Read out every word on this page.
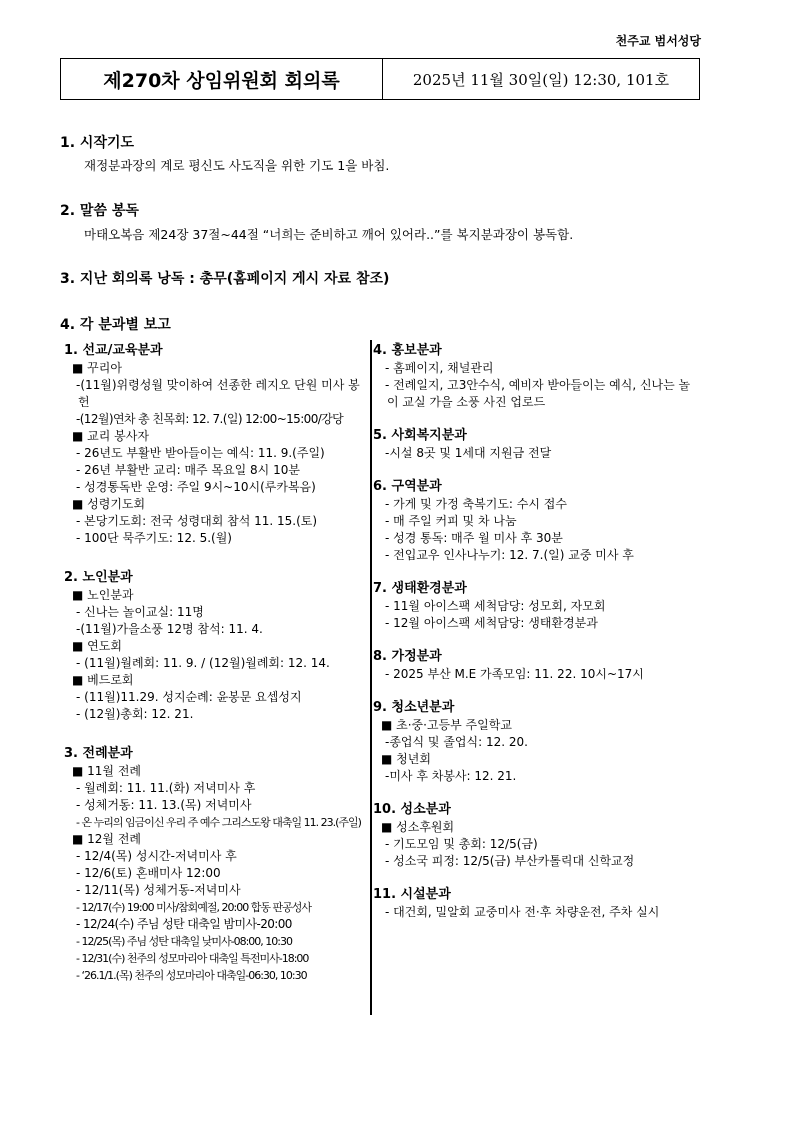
천주교 범서성당
제270차 상임위원회 회의록	2025년 11월 30일(일) 12:30, 101호
1. 시작기도
재정분과장의 계로 평신도 사도직을 위한 기도 1을 바침.
2. 말씀 봉독
마태오복음 제24장 37절~44절 “너희는 준비하고 깨어 있어라..”를 복지분과장이 봉독함.
3. 지난 회의록 낭독 : 총무(홈페이지 게시 자료 참조)
4. 각 분과별 보고
1. 선교/교육분과
■ 꾸리아
-(11월)위령성월 맞이하여 선종한 레지오 단원 미사 봉헌
-(12월)연차 총 친목회: 12. 7.(일) 12:00~15:00/강당
■ 교리 봉사자
- 26년도 부활반 받아들이는 예식: 11. 9.(주일)
- 26년 부활반 교리: 매주 목요일 8시 10분
- 성경통독반 운영: 주일 9시~10시(루카복음)
■ 성령기도회
- 본당기도회: 전국 성령대회 참석 11. 15.(토)
- 100단 묵주기도: 12. 5.(월)
2. 노인분과
■ 노인분과
- 신나는 놀이교실: 11명
-(11월)가을소풍 12명 참석: 11. 4.
■ 연도회
- (11월)월례회: 11. 9. / (12월)월례회: 12. 14.
■ 베드로회
- (11월)11.29. 성지순례: 윤봉문 요셉성지
- (12월)총회: 12. 21.
3. 전례분과
■ 11월 전례
- 월례회: 11. 11.(화) 저녁미사 후
- 성체거동: 11. 13.(목) 저녁미사
- 온 누리의 임금이신 우리 주 예수 그리스도왕 대축일 11. 23.(주일)
■ 12월 전례
- 12/4(목) 성시간-저녁미사 후
- 12/6(토) 혼배미사 12:00
- 12/11(목) 성체거동-저녁미사
- 12/17(수) 19:00 미사/참회예절, 20:00 합동 판공성사
- 12/24(수) 주님 성탄 대축일 밤미사-20:00
- 12/25(목) 주님 성탄 대축일 낮미사-08:00, 10:30
- 12/31(수) 천주의 성모마리아 대축일 특전미사-18:00
- ‘26.1/1.(목) 천주의 성모마리아 대축일-06:30, 10:30
4. 홍보분과
- 홈페이지, 채널관리
- 전례일지, 고3안수식, 예비자 받아들이는 예식, 신나는 놀이 교실 가을 소풍 사진 업로드
5. 사회복지분과
-시설 8곳 및 1세대 지원금 전달
6. 구역분과
- 가게 및 가정 축복기도: 수시 접수
- 매 주일 커피 및 차 나눔
- 성경 통독: 매주 월 미사 후 30분
- 전입교우 인사나누기: 12. 7.(일) 교중 미사 후
7. 생태환경분과
- 11월 아이스팩 세척담당: 성모회, 자모회
- 12월 아이스팩 세척담당: 생태환경분과
8. 가정분과
- 2025 부산 M.E 가족모임: 11. 22. 10시~17시
9. 청소년분과
■ 초·중·고등부 주일학교
-종업식 및 졸업식: 12. 20.
■ 청년회
-미사 후 차봉사: 12. 21.
10. 성소분과
■ 성소후원회
- 기도모임 및 총회: 12/5(금)
- 성소국 피정: 12/5(금) 부산카톨릭대 신학교정
11. 시설분과
- 대건회, 밀알회 교중미사 전·후 차량운전, 주차 실시
